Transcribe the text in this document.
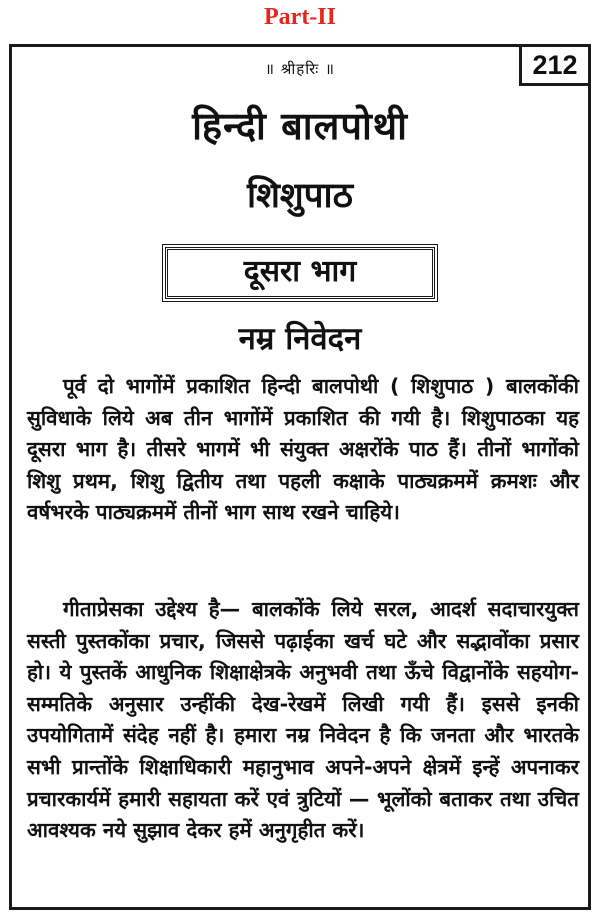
Part-II
॥ श्रीहरिः ॥	212
हिन्दी बालपोथी
शिशुपाठ
दूसरा भाग
नम्र निवेदन

पूर्व दो भागोंमें प्रकाशित हिन्दी बालपोथी ( शिशुपाठ ) बालकोंकी सुविधाके लिये अब तीन भागोंमें प्रकाशित की गयी है। शिशुपाठका यह दूसरा भाग है। तीसरे भागमें भी संयुक्त अक्षरोंके पाठ हैं। तीनों भागोंको शिशु प्रथम, शिशु द्वितीय तथा पहली कक्षाके पाठ्यक्रममें क्रमशः और वर्षभरके पाठ्यक्रममें तीनों भाग साथ रखने चाहिये।

गीताप्रेसका उद्देश्य है— बालकोंके लिये सरल, आदर्श सदाचारयुक्त सस्ती पुस्तकोंका प्रचार, जिससे पढ़ाईका खर्च घटे और सद्भावोंका प्रसार हो। ये पुस्तकें आधुनिक शिक्षाक्षेत्रके अनुभवी तथा ऊँचे विद्वानोंके सहयोग-सम्मतिके अनुसार उन्हींकी देख-रेखमें लिखी गयी हैं। इससे इनकी उपयोगितामें संदेह नहीं है। हमारा नम्र निवेदन है कि जनता और भारतके सभी प्रान्तोंके शिक्षाधिकारी महानुभाव अपने-अपने क्षेत्रमें इन्हें अपनाकर प्रचारकार्यमें हमारी सहायता करें एवं त्रुटियों — भूलोंको बताकर तथा उचित आवश्यक नये सुझाव देकर हमें अनुगृहीत करें।
